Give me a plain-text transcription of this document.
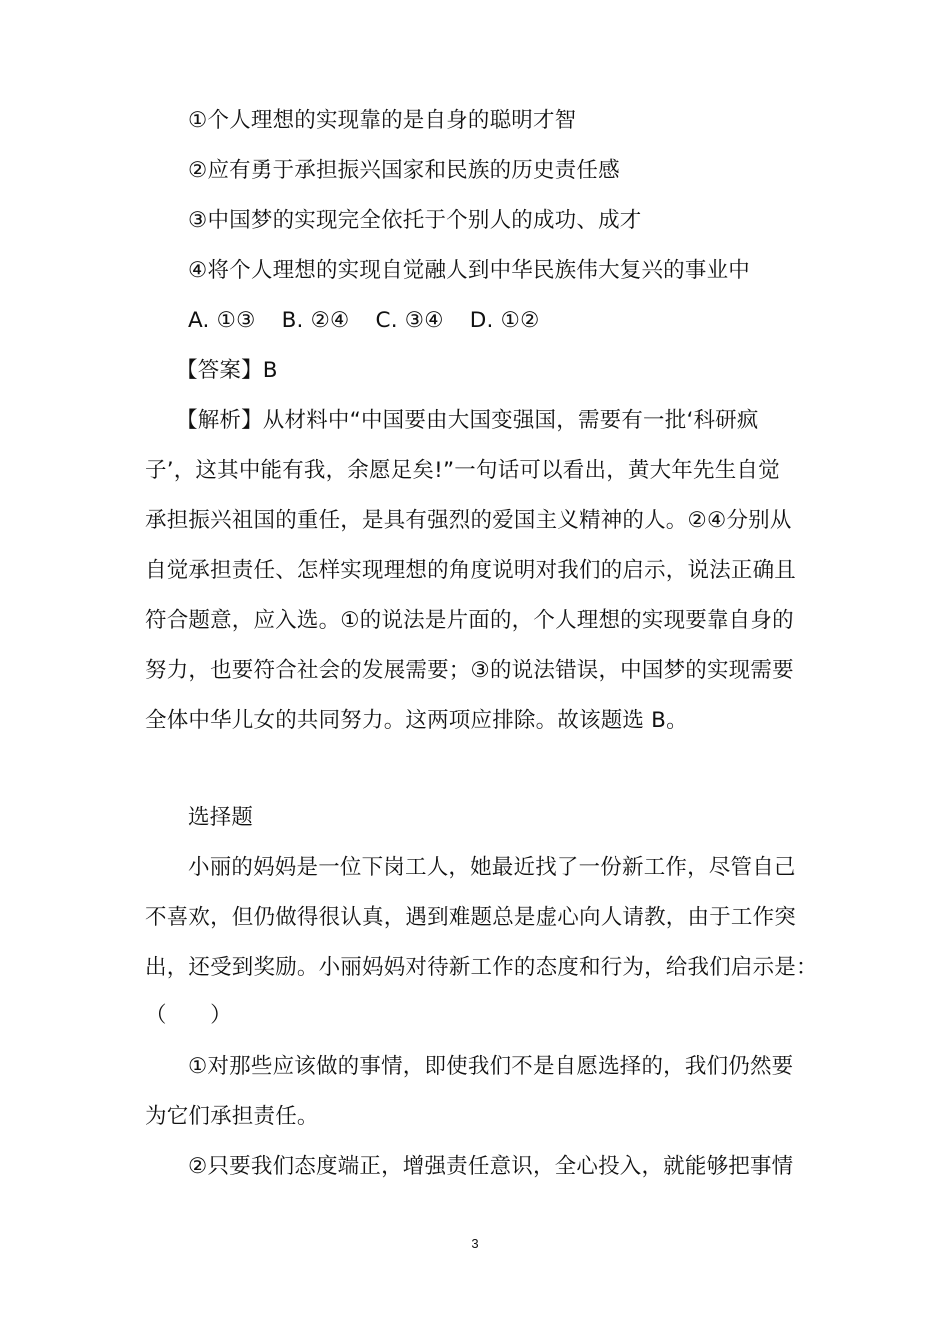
①个人理想的实现靠的是自身的聪明才智
②应有勇于承担振兴国家和民族的历史责任感
③中国梦的实现完全依托于个别人的成功、成才
④将个人理想的实现自觉融人到中华民族伟大复兴的事业中
A. ①③ B. ②④ C. ③④ D. ①②
【答案】B
【解析】从材料中“中国要由大国变强国，需要有一批‘科研疯
子’，这其中能有我，余愿足矣!”一句话可以看出，黄大年先生自觉
承担振兴祖国的重任，是具有强烈的爱国主义精神的人。②④分别从
自觉承担责任、怎样实现理想的角度说明对我们的启示，说法正确且
符合题意，应入选。①的说法是片面的，个人理想的实现要靠自身的
努力，也要符合社会的发展需要；③的说法错误，中国梦的实现需要
全体中华儿女的共同努力。这两项应排除。故该题选 B。
选择题
小丽的妈妈是一位下岗工人，她最近找了一份新工作，尽管自己
不喜欢，但仍做得很认真，遇到难题总是虚心向人请教，由于工作突
出，还受到奖励。小丽妈妈对待新工作的态度和行为，给我们启示是：
（　　）
①对那些应该做的事情，即使我们不是自愿选择的，我们仍然要
为它们承担责任。
②只要我们态度端正，增强责任意识，全心投入，就能够把事情
3
